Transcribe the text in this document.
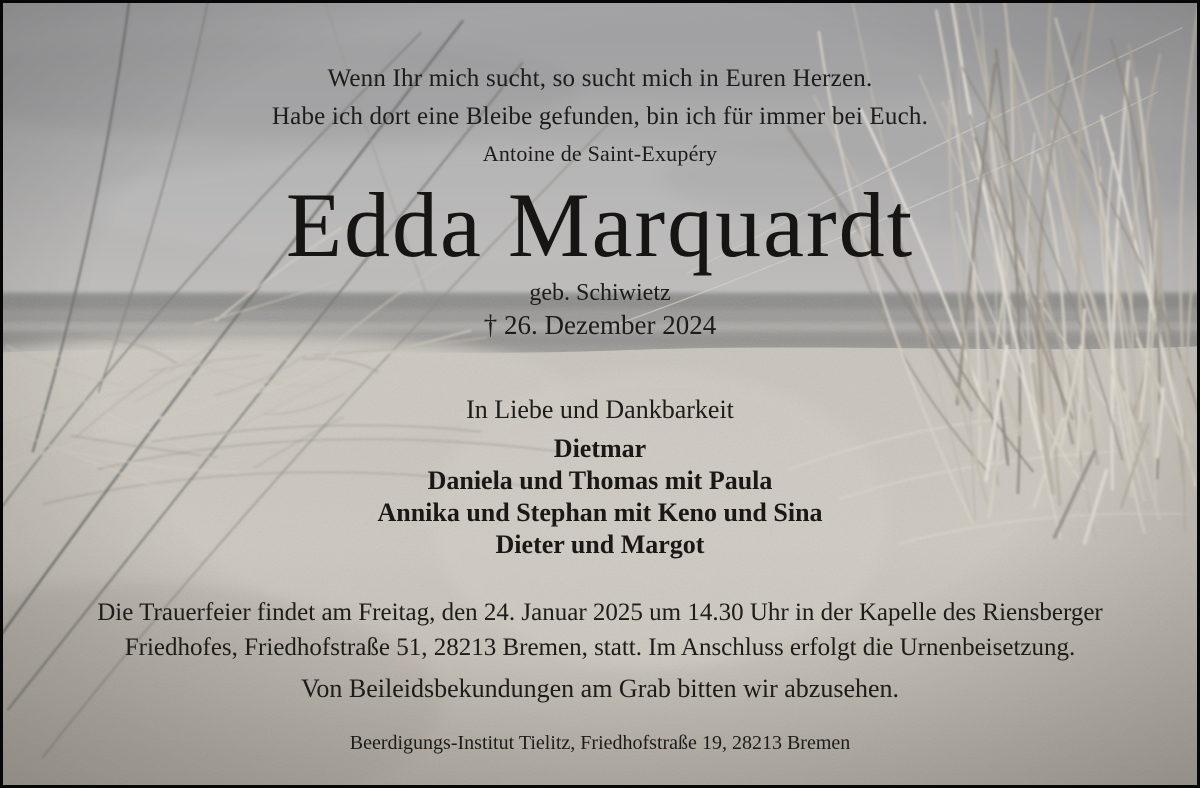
Wenn Ihr mich sucht, so sucht mich in Euren Herzen.
Habe ich dort eine Bleibe gefunden, bin ich für immer bei Euch.
Antoine de Saint-Exupéry
Edda Marquardt
geb. Schiwietz
† 26. Dezember 2024
In Liebe und Dankbarkeit
Dietmar
Daniela und Thomas mit Paula
Annika und Stephan mit Keno und Sina
Dieter und Margot
Die Trauerfeier findet am Freitag, den 24. Januar 2025 um 14.30 Uhr in der Kapelle des Riensberger
Friedhofes, Friedhofstraße 51, 28213 Bremen, statt. Im Anschluss erfolgt die Urnenbeisetzung.
Von Beileidsbekundungen am Grab bitten wir abzusehen.
Beerdigungs-Institut Tielitz, Friedhofstraße 19, 28213 Bremen
